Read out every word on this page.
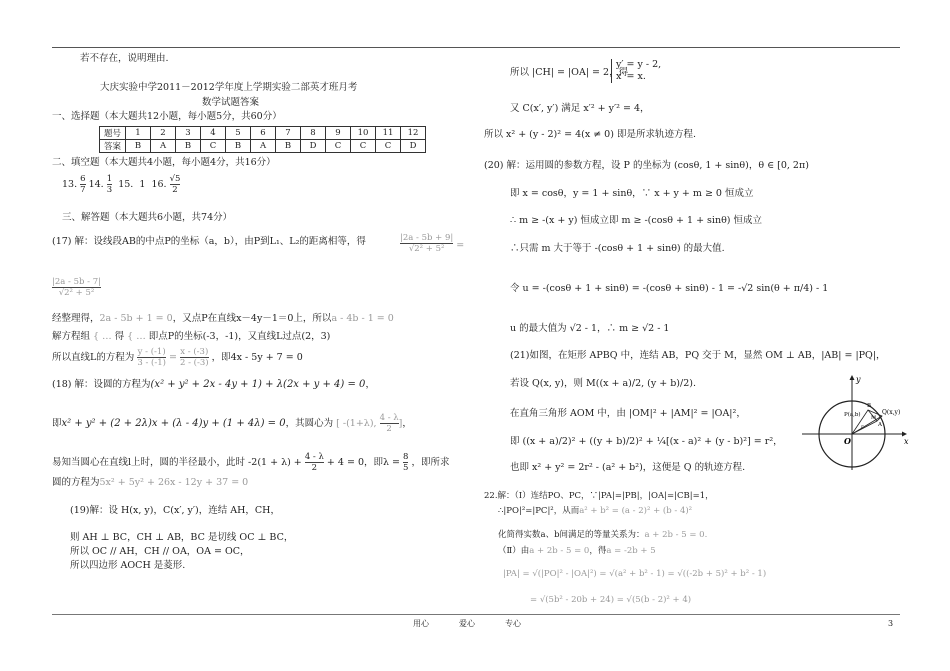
若不存在，说明理由.
大庆实验中学2011－2012学年度上学期实验二部英才班月考
数学试题答案
一、选择题（本大题共12小题，每小题5分，共60分）
题号	1	2	3	4	5	6	7	8	9	10	11	12
答案	B	A	B	C	B	A	B	D	C	C	C	D
二、填空题（本大题共4小题，每小题4分，共16分）
13. $\frac{6}{7} 14$. $\frac{1}{3} 15$. 1 16. $\frac{√5}{2}$
三、解答题（本大题共6小题，共74分）
(17) 解：设线段AB的中点P的坐标（a，b），由P到L₁、L₂的距离相等，得	$\frac{|2a - 5b + 9|}{\text{√2² + 5²}}$ =
$\frac{|2a - 5b - 7|}{\text{√2² + 5²}}$
经整理得，2a - 5b + 1 = 0，又点P在直线x－4y－1＝0上，所以a - 4b - 1 = 0
解方程组 { … 得 { … 即点P的坐标(-3，-1)，又直线L过点(2，3)
所以直线L的方程为 $\frac{y - (-1)}{3 - (-1)} = \frac{x - (-3)}{2 - (-3)}$ ，即4x - 5y + 7 = 0
(18) 解：设圆的方程为(x² + y² + 2x - 4y + 1) + λ(2x + y + 4) = 0，
即x² + y² + (2 + 2λ)x + (λ - 4)y + (1 + 4λ) = 0，其圆心为 [ -(1+λ), $\frac{4 - \lambda}{2}$ ]，
易知当圆心在直线l上时，圆的半径最小，此时 $-2(1 + \lambda) + \frac{4 - \lambda}{2} + 4 = 0$，即$\lambda = \frac{8}{5}$ ，即所求
圆的方程为5x² + 5y² + 26x - 12y + 37 = 0
(19)解：设 H(x, y)，C(x′, y′)，连结 AH，CH，
则 AH ⊥ BC，CH ⊥ AB，BC 是切线 OC ⊥ BC，
所以 OC // AH，CH // OA，OA = OC，
所以四边形 AOCH 是菱形.
所以 |CH| = |OA| = 2，得
y′ = y - 2,
x′ = x.
又 C(x′, y′) 满足 x′² + y′² = 4，
所以 x² + (y - 2)² = 4(x ≠ 0) 即是所求轨迹方程.
(20) 解：运用圆的参数方程，设 P 的坐标为 (cosθ, 1 + sinθ)，θ ∈ [0, 2π)
即 x = cosθ，y = 1 + sinθ，∵ x + y + m ≥ 0 恒成立
∴ m ≥ -(x + y) 恒成立即 m ≥ -(cosθ + 1 + sinθ) 恒成立
∴只需 m 大于等于 -(cosθ + 1 + sinθ) 的最大值.
令 u = -(cosθ + 1 + sinθ) = -(cosθ + sinθ) - 1 = -√2 sin(θ + π/4) - 1
u 的最大值为 √2 - 1，∴ m ≥ √2 - 1
(21)如图，在矩形 APBQ 中，连结 AB，PQ 交于 M，显然 OM ⊥ AB，|AB| = |PQ|，
若设 Q(x, y)，则 M((x + a)/2, (y + b)/2).
在直角三角形 AOM 中，由 |OM|² + |AM|² = |OA|²，
即 ((x + a)/2)² + ((y + b)/2)² + ¼[(x - a)² + (y - b)²] = r²，
也即 x² + y² = 2r² - (a² + b²)，这便是 Q 的轨迹方程.
22.解：（Ⅰ）连结PO、PC，∵|PA|=|PB|，|OA|=|CB|=1，
∴|PO|²=|PC|²，从而a² + b² = (a - 2)² + (b - 4)²
化简得实数a、b间满足的等量关系为：a + 2b - 5 = 0.
（Ⅱ）由a + 2b - 5 = 0，得a = -2b + 5
|PA| = √(|PO|² - |OA|²) = √(a² + b² - 1) = √((-2b + 5)² + b² - 1)
= √(5b² - 20b + 24) = √(5(b - 2)² + 4)
y
x
O
Q(x,y)
P(a,b)
B
A
M
r
用心	爱心	专心	3
